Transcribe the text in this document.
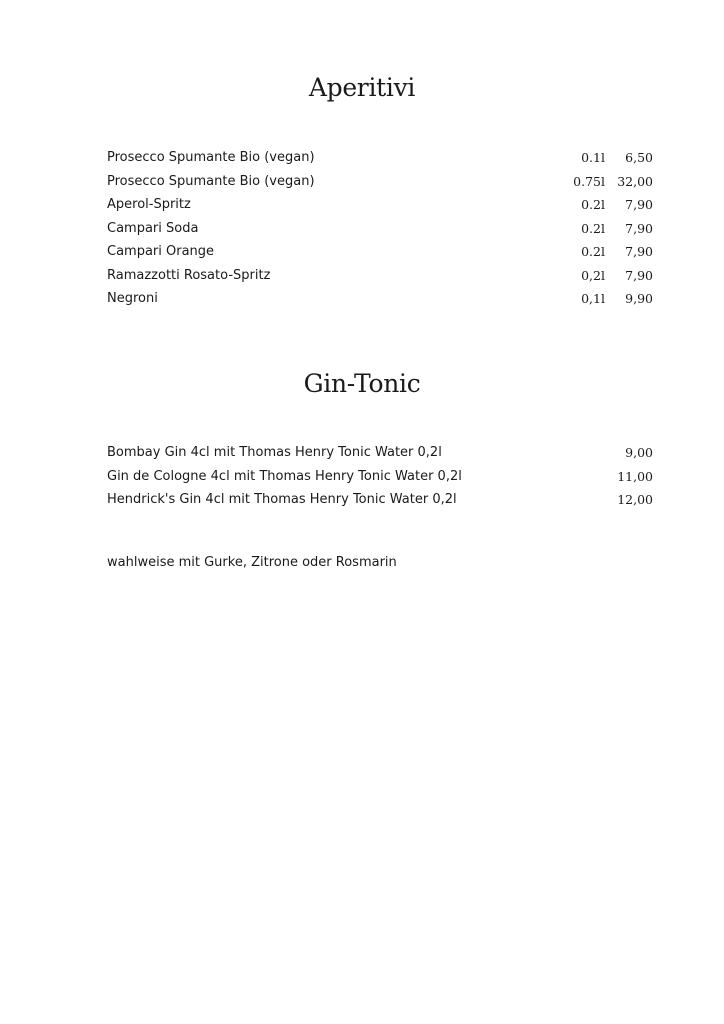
Aperitivi
Prosecco Spumante Bio (vegan)	0.1l 6,50
Prosecco Spumante Bio (vegan)	0.75l 32,00
Aperol-Spritz	0.2l 7,90
Campari Soda	0.2l 7,90
Campari Orange	0.2l 7,90
Ramazzotti Rosato-Spritz	0,2l 7,90
Negroni	0,1l 9,90
Gin-Tonic
Bombay Gin 4cl mit Thomas Henry Tonic Water 0,2l	9,00
Gin de Cologne 4cl mit Thomas Henry Tonic Water 0,2l	11,00
Hendrick's Gin 4cl mit Thomas Henry Tonic Water 0,2l	12,00

wahlweise mit Gurke, Zitrone oder Rosmarin
